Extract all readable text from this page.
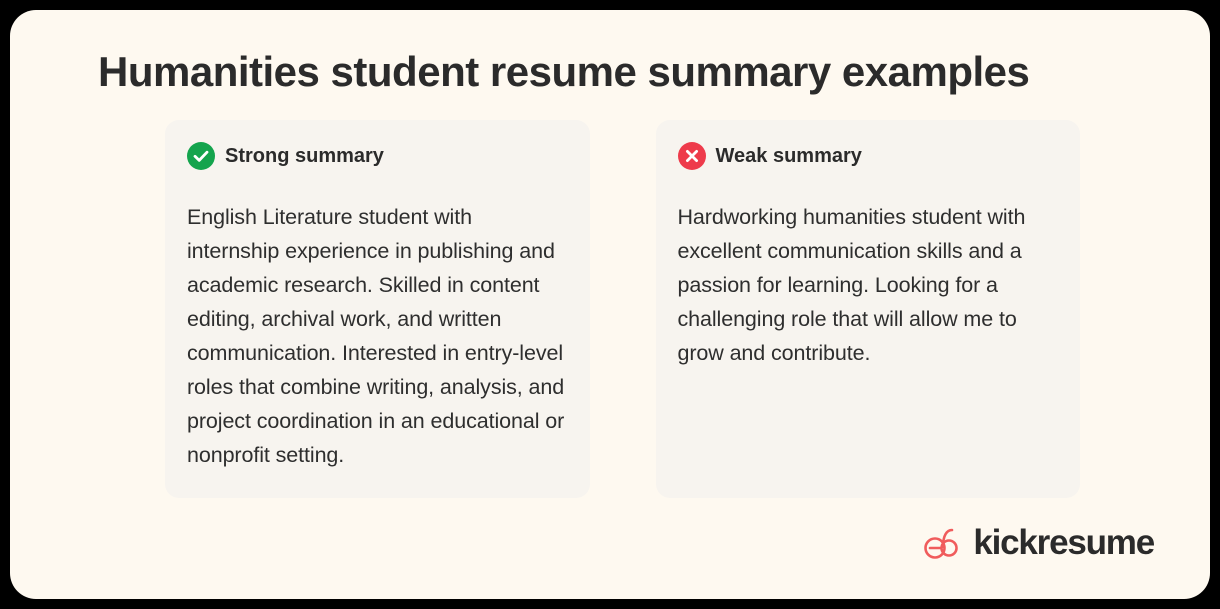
Humanities student resume summary examples
Strong summary
English Literature student with internship experience in publishing and academic research. Skilled in content editing, archival work, and written communication. Interested in entry-level roles that combine writing, analysis, and project coordination in an educational or nonprofit setting.
Weak summary
Hardworking humanities student with excellent communication skills and a passion for learning. Looking for a challenging role that will allow me to grow and contribute.
kickresume
